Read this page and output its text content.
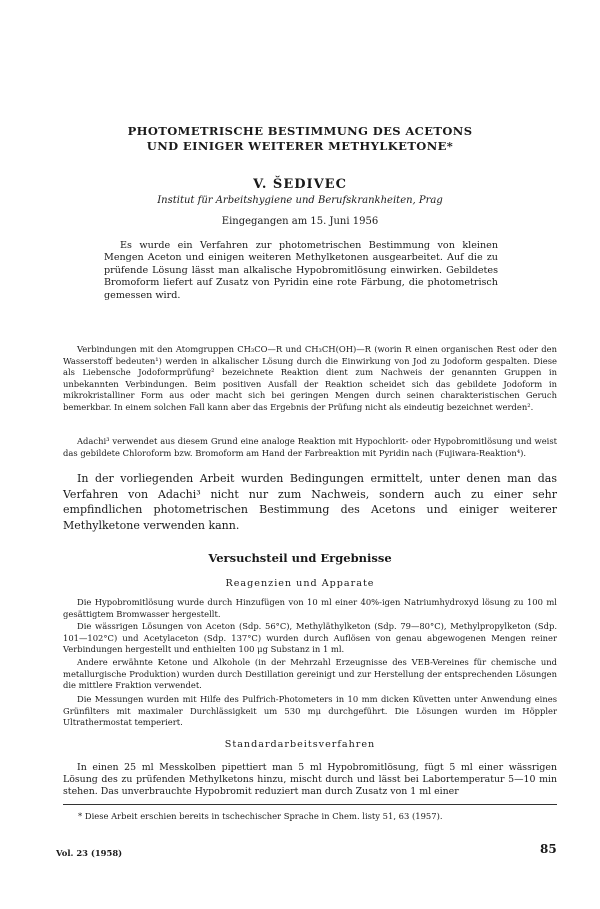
PHOTOMETRISCHE BESTIMMUNG DES ACETONS
UND EINIGER WEITERER METHYLKETONE*
V. ŠEDIVEC
Institut für Arbeitshygiene und Berufskrankheiten, Prag
Eingegangen am 15. Juni 1956
Es wurde ein Verfahren zur photometrischen Bestimmung von kleinen Mengen Aceton und einigen weiteren Methylketonen ausgearbeitet. Auf die zu prüfende Lösung lässt man alkalische Hypobromitlösung einwirken. Gebildetes Bromoform liefert auf Zusatz von Pyridin eine rote Färbung, die photometrisch gemessen wird.
Verbindungen mit den Atomgruppen CH₃CO—R und CH₃CH(OH)—R (worin R einen organischen Rest oder den Wasserstoff bedeuten¹) werden in alkalischer Lösung durch die Einwirkung von Jod zu Jodoform gespalten. Diese als Liebensche Jodoformprüfung² bezeichnete Reaktion dient zum Nachweis der genannten Gruppen in unbekannten Verbindungen. Beim positiven Ausfall der Reaktion scheidet sich das gebildete Jodoform in mikrokristalliner Form aus oder macht sich bei geringen Mengen durch seinen charakteristischen Geruch bemerkbar. In einem solchen Fall kann aber das Ergebnis der Prüfung nicht als eindeutig bezeichnet werden².
Adachi³ verwendet aus diesem Grund eine analoge Reaktion mit Hypochlorit- oder Hypobromitlösung und weist das gebildete Chloroform bzw. Bromoform am Hand der Farbreaktion mit Pyridin nach (Fujiwara-Reaktion⁴).
In der vorliegenden Arbeit wurden Bedingungen ermittelt, unter denen man das Verfahren von Adachi³ nicht nur zum Nachweis, sondern auch zu einer sehr empfindlichen photometrischen Bestimmung des Acetons und einiger weiterer Methylketone verwenden kann.
Versuchsteil und Ergebnisse
Reagenzien und Apparate
Die Hypobromitlösung wurde durch Hinzufügen von 10 ml einer 40%-igen Natriumhydroxyd lösung zu 100 ml gesättigtem Bromwasser hergestellt.
Die wässrigen Lösungen von Aceton (Sdp. 56°C), Methyläthylketon (Sdp. 79—80°C), Methylpropylketon (Sdp. 101—102°C) und Acetylaceton (Sdp. 137°C) wurden durch Auflösen von genau abgewogenen Mengen reiner Verbindungen hergestellt und enthielten 100 μg Substanz in 1 ml.
Andere erwähnte Ketone und Alkohole (in der Mehrzahl Erzeugnisse des VEB-Vereines für chemische und metallurgische Produktion) wurden durch Destillation gereinigt und zur Herstellung der entsprechenden Lösungen die mittlere Fraktion verwendet.
Die Messungen wurden mit Hilfe des Pulfrich-Photometers in 10 mm dicken Küvetten unter Anwendung eines Grünfilters mit maximaler Durchlässigkeit um 530 mμ durchgeführt. Die Lösungen wurden im Höppler Ultrathermostat temperiert.
Standardarbeitsverfahren
In einen 25 ml Messkolben pipettiert man 5 ml Hypobromitlösung, fügt 5 ml einer wässrigen Lösung des zu prüfenden Methylketons hinzu, mischt durch und lässt bei Labortemperatur 5—10 min stehen. Das unverbrauchte Hypobromit reduziert man durch Zusatz von 1 ml einer
* Diese Arbeit erschien bereits in tschechischer Sprache in Chem. listy 51, 63 (1957).
Vol. 23 (1958)	85
